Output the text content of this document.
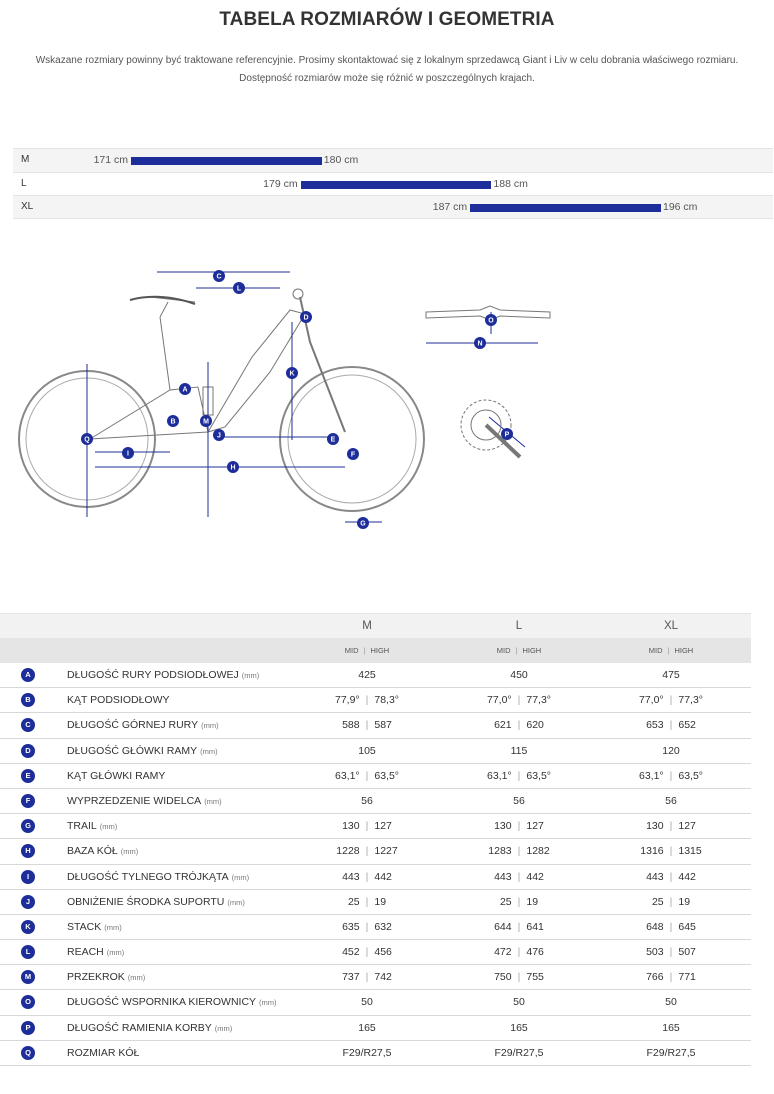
TABELA ROZMIARÓW I GEOMETRIA
Wskazane rozmiary powinny być traktowane referencyjnie. Prosimy skontaktować się z lokalnym sprzedawcą Giant i Liv w celu dobrania właściwego rozmiaru.
Dostępność rozmiarów może się różnić w poszczególnych krajach.
M	171 cm	180 cm
L	179 cm	188 cm
XL	187 cm	196 cm
C
L
D
A
B	M
K
Q
I
J
H
E
F
G
O
N
P
M	L	XL
MID | HIGH	MID | HIGH	MID | HIGH
A	DŁUGOŚĆ RURY PODSIODŁOWEJ (mm)	425	450	475
B	KĄT PODSIODŁOWY	77,9° | 78,3°	77,0° | 77,3°	77,0° | 77,3°
C	DŁUGOŚĆ GÓRNEJ RURY (mm)	588 | 587	621 | 620	653 | 652
D	DŁUGOŚĆ GŁÓWKI RAMY (mm)	105	115	120
E	KĄT GŁÓWKI RAMY	63,1° | 63,5°	63,1° | 63,5°	63,1° | 63,5°
F	WYPRZEDZENIE WIDELCA (mm)	56	56	56
G	TRAIL (mm)	130 | 127	130 | 127	130 | 127
H	BAZA KÓŁ (mm)	1228 | 1227	1283 | 1282	1316 | 1315
I	DŁUGOŚĆ TYLNEGO TRÓJKĄTA (mm)	443 | 442	443 | 442	443 | 442
J	OBNIŻENIE ŚRODKA SUPORTU (mm)	25 | 19	25 | 19	25 | 19
K	STACK (mm)	635 | 632	644 | 641	648 | 645
L	REACH (mm)	452 | 456	472 | 476	503 | 507
M	PRZEKROK (mm)	737 | 742	750 | 755	766 | 771
O	DŁUGOŚĆ WSPORNIKA KIEROWNICY (mm)	50	50	50
P	DŁUGOŚĆ RAMIENIA KORBY (mm)	165	165	165
Q	ROZMIAR KÓŁ	F29/R27,5	F29/R27,5	F29/R27,5
